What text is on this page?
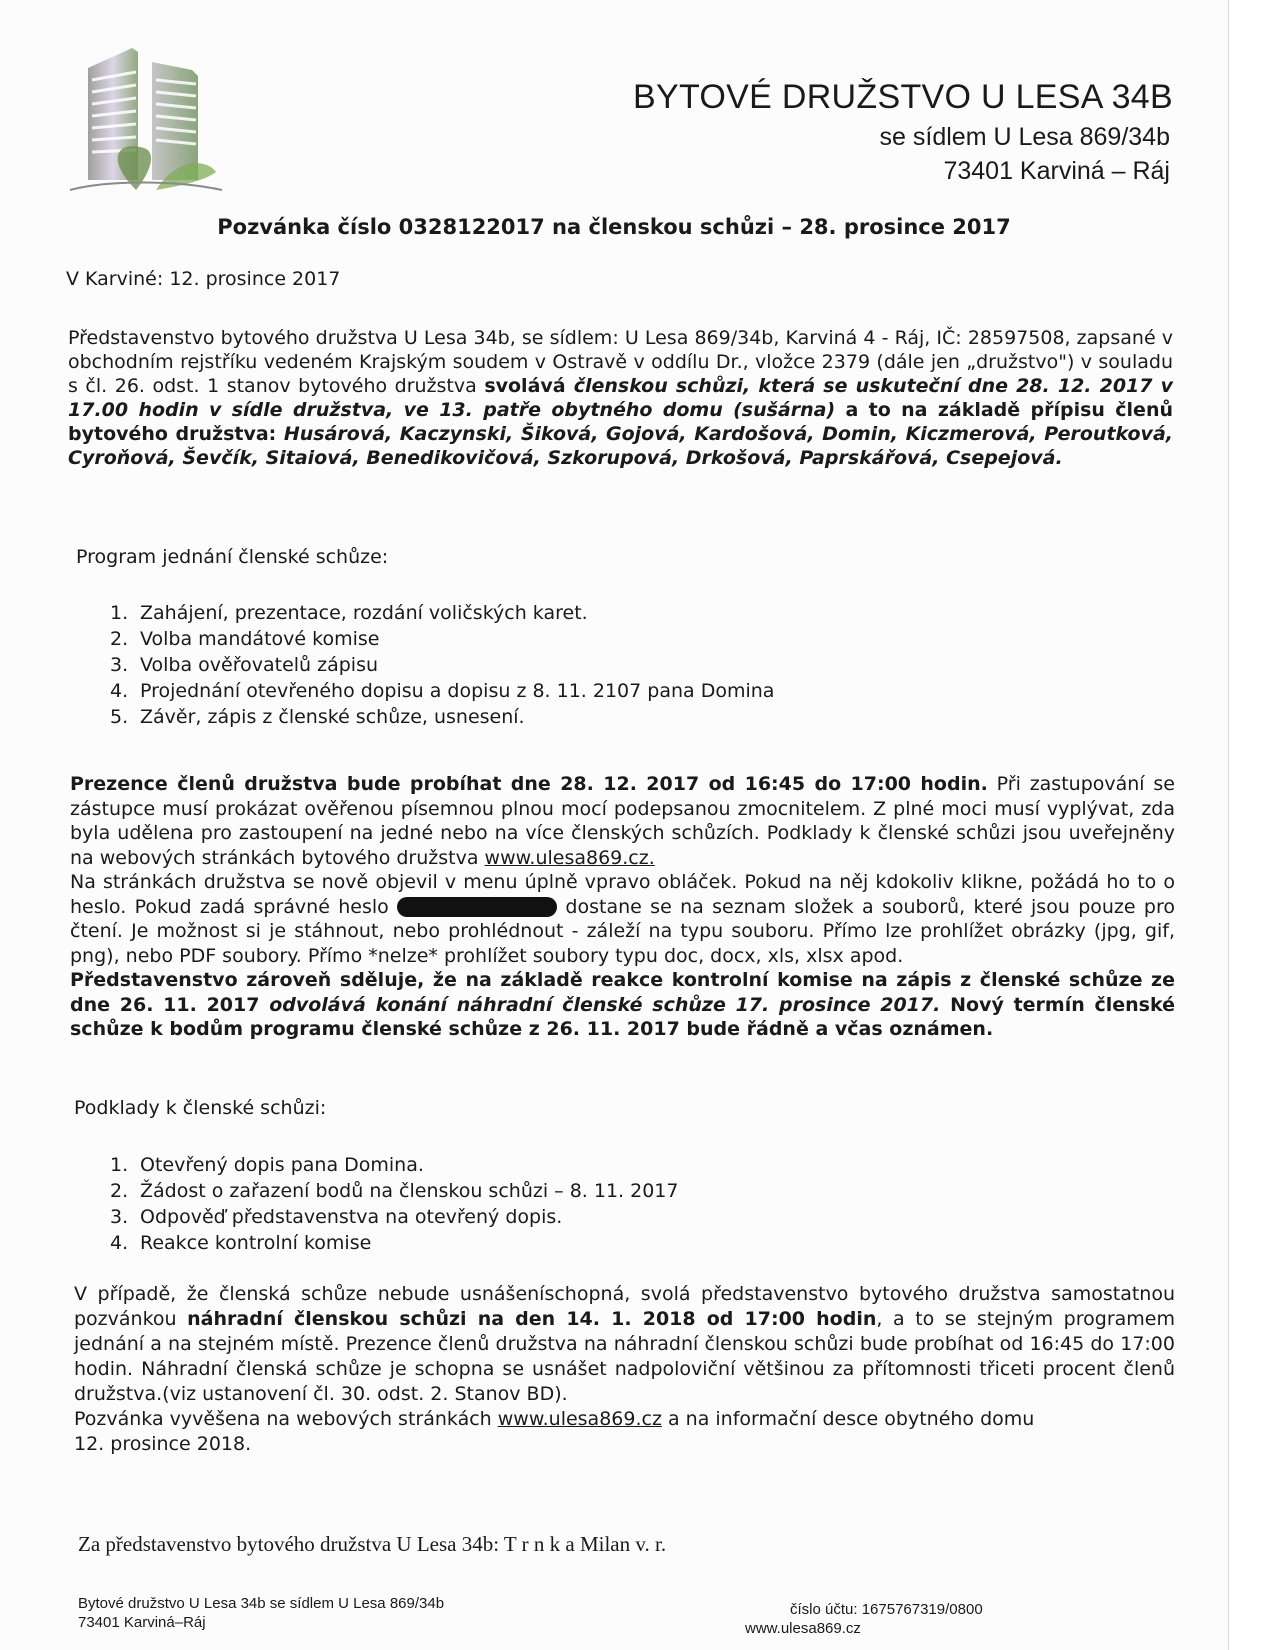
BYTOVÉ DRUŽSTVO U LESA 34B
se sídlem U Lesa 869/34b
73401 Karviná – Ráj
Pozvánka číslo 0328122017 na členskou schůzi – 28. prosince 2017
V Karviné: 12. prosince 2017
Představenstvo bytového družstva U Lesa 34b, se sídlem: U Lesa 869/34b, Karviná 4 - Ráj, IČ: 28597508, zapsané v obchodním rejstříku vedeném Krajským soudem v Ostravě v oddílu Dr., vložce 2379 (dále jen „družstvo") v souladu s čl. 26. odst. 1 stanov bytového družstva svolává členskou schůzi, která se uskuteční dne 28. 12. 2017 v 17.00 hodin v sídle družstva, ve 13. patře obytného domu (sušárna) a to na základě přípisu členů bytového družstva: Husárová, Kaczynski, Šiková, Gojová, Kardošová, Domin, Kiczmerová, Peroutková, Cyroňová, Ševčík, Sitaiová, Benedikovičová, Szkorupová, Drkošová, Paprskářová, Csepejová.
Program jednání členské schůze:
1. Zahájení, prezentace, rozdání voličských karet.
2. Volba mandátové komise
3. Volba ověřovatelů zápisu
4. Projednání otevřeného dopisu a dopisu z 8. 11. 2107 pana Domina
5. Závěr, zápis z členské schůze, usnesení.
Prezence členů družstva bude probíhat dne 28. 12. 2017 od 16:45 do 17:00 hodin. Při zastupování se zástupce musí prokázat ověřenou písemnou plnou mocí podepsanou zmocnitelem. Z plné moci musí vyplývat, zda byla udělena pro zastoupení na jedné nebo na více členských schůzích. Podklady k členské schůzi jsou uveřejněny na webových stránkách bytového družstva www.ulesa869.cz.
Na stránkách družstva se nově objevil v menu úplně vpravo obláček. Pokud na něj kdokoliv klikne, požádá ho to o heslo. Pokud zadá správné heslo	dostane se na seznam složek a souborů, které jsou pouze pro čtení. Je možnost si je stáhnout, nebo prohlédnout - záleží na typu souboru. Přímo lze prohlížet obrázky (jpg, gif, png), nebo PDF soubory. Přímo *nelze* prohlížet soubory typu doc, docx, xls, xlsx apod.
Představenstvo zároveň sděluje, že na základě reakce kontrolní komise na zápis z členské schůze ze dne 26. 11. 2017 odvolává konání náhradní členské schůze 17. prosince 2017. Nový termín členské schůze k bodům programu členské schůze z 26. 11. 2017 bude řádně a včas oznámen.
Podklady k členské schůzi:
1. Otevřený dopis pana Domina.
2. Žádost o zařazení bodů na členskou schůzi – 8. 11. 2017
3. Odpověď představenstva na otevřený dopis.
4. Reakce kontrolní komise
V případě, že členská schůze nebude usnášeníschopná, svolá představenstvo bytového družstva samostatnou pozvánkou náhradní členskou schůzi na den 14. 1. 2018 od 17:00 hodin, a to se stejným programem jednání a na stejném místě. Prezence členů družstva na náhradní členskou schůzi bude probíhat od 16:45 do 17:00 hodin. Náhradní členská schůze je schopna se usnášet nadpoloviční většinou za přítomnosti třiceti procent členů družstva.(viz ustanovení čl. 30. odst. 2. Stanov BD).
Pozvánka vyvěšena na webových stránkách www.ulesa869.cz a na informační desce obytného domu
12. prosince 2018.
Za představenstvo bytového družstva U Lesa 34b: T r n k a Milan v. r.
Bytové družstvo U Lesa 34b se sídlem U Lesa 869/34b
73401 Karviná–Ráj
číslo účtu: 1675767319/0800
www.ulesa869.cz
